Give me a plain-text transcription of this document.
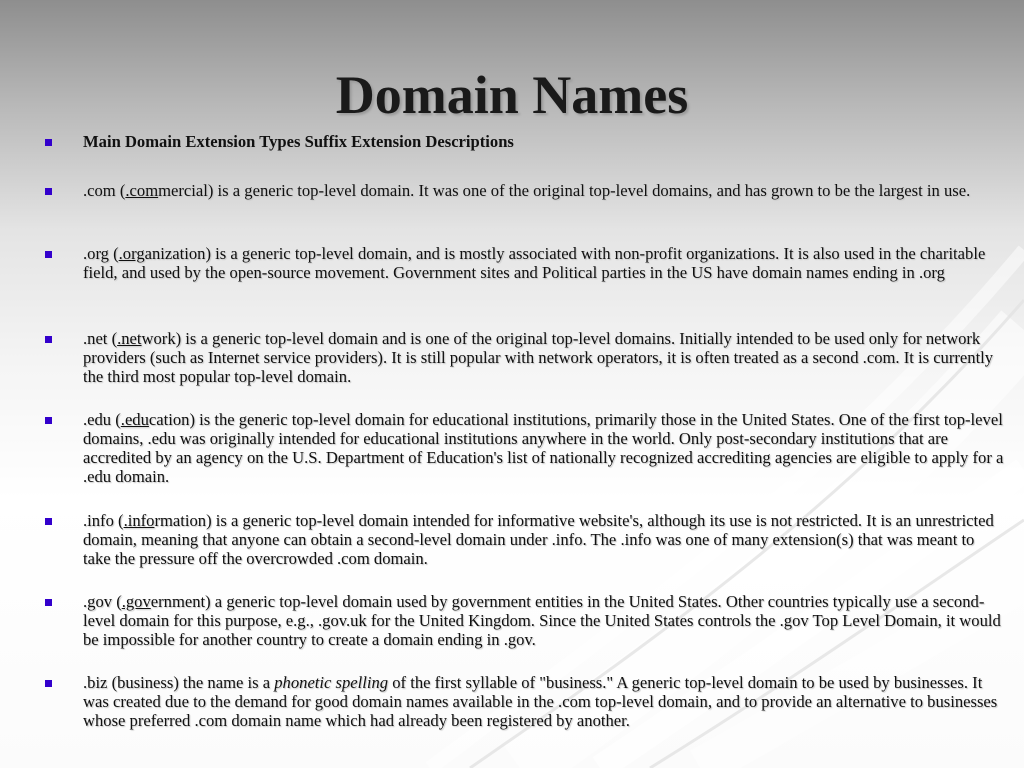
Domain Names
Main Domain Extension Types Suffix Extension Descriptions
.com (.commercial) is a generic top-level domain. It was one of the original top-level domains, and has grown to be the largest in use.
.org (.organization) is a generic top-level domain, and is mostly associated with non-profit organizations. It is also used in the charitable field, and used by the open-source movement. Government sites and Political parties in the US have domain names ending in .org
.net (.network) is a generic top-level domain and is one of the original top-level domains. Initially intended to be used only for network providers (such as Internet service providers). It is still popular with network operators, it is often treated as a second .com. It is currently the third most popular top-level domain.
.edu (.education) is the generic top-level domain for educational institutions, primarily those in the United States. One of the first top-level domains, .edu was originally intended for educational institutions anywhere in the world. Only post-secondary institutions that are accredited by an agency on the U.S. Department of Education's list of nationally recognized accrediting agencies are eligible to apply for a .edu domain.
.info (.information) is a generic top-level domain intended for informative website's, although its use is not restricted. It is an unrestricted domain, meaning that anyone can obtain a second-level domain under .info. The .info was one of many extension(s) that was meant to take the pressure off the overcrowded .com domain.
.gov (.government) a generic top-level domain used by government entities in the United States. Other countries typically use a second-level domain for this purpose, e.g., .gov.uk for the United Kingdom. Since the United States controls the .gov Top Level Domain, it would be impossible for another country to create a domain ending in .gov.
.biz (business) the name is a phonetic spelling of the first syllable of "business." A generic top-level domain to be used by businesses. It was created due to the demand for good domain names available in the .com top-level domain, and to provide an alternative to businesses whose preferred .com domain name which had already been registered by another.
